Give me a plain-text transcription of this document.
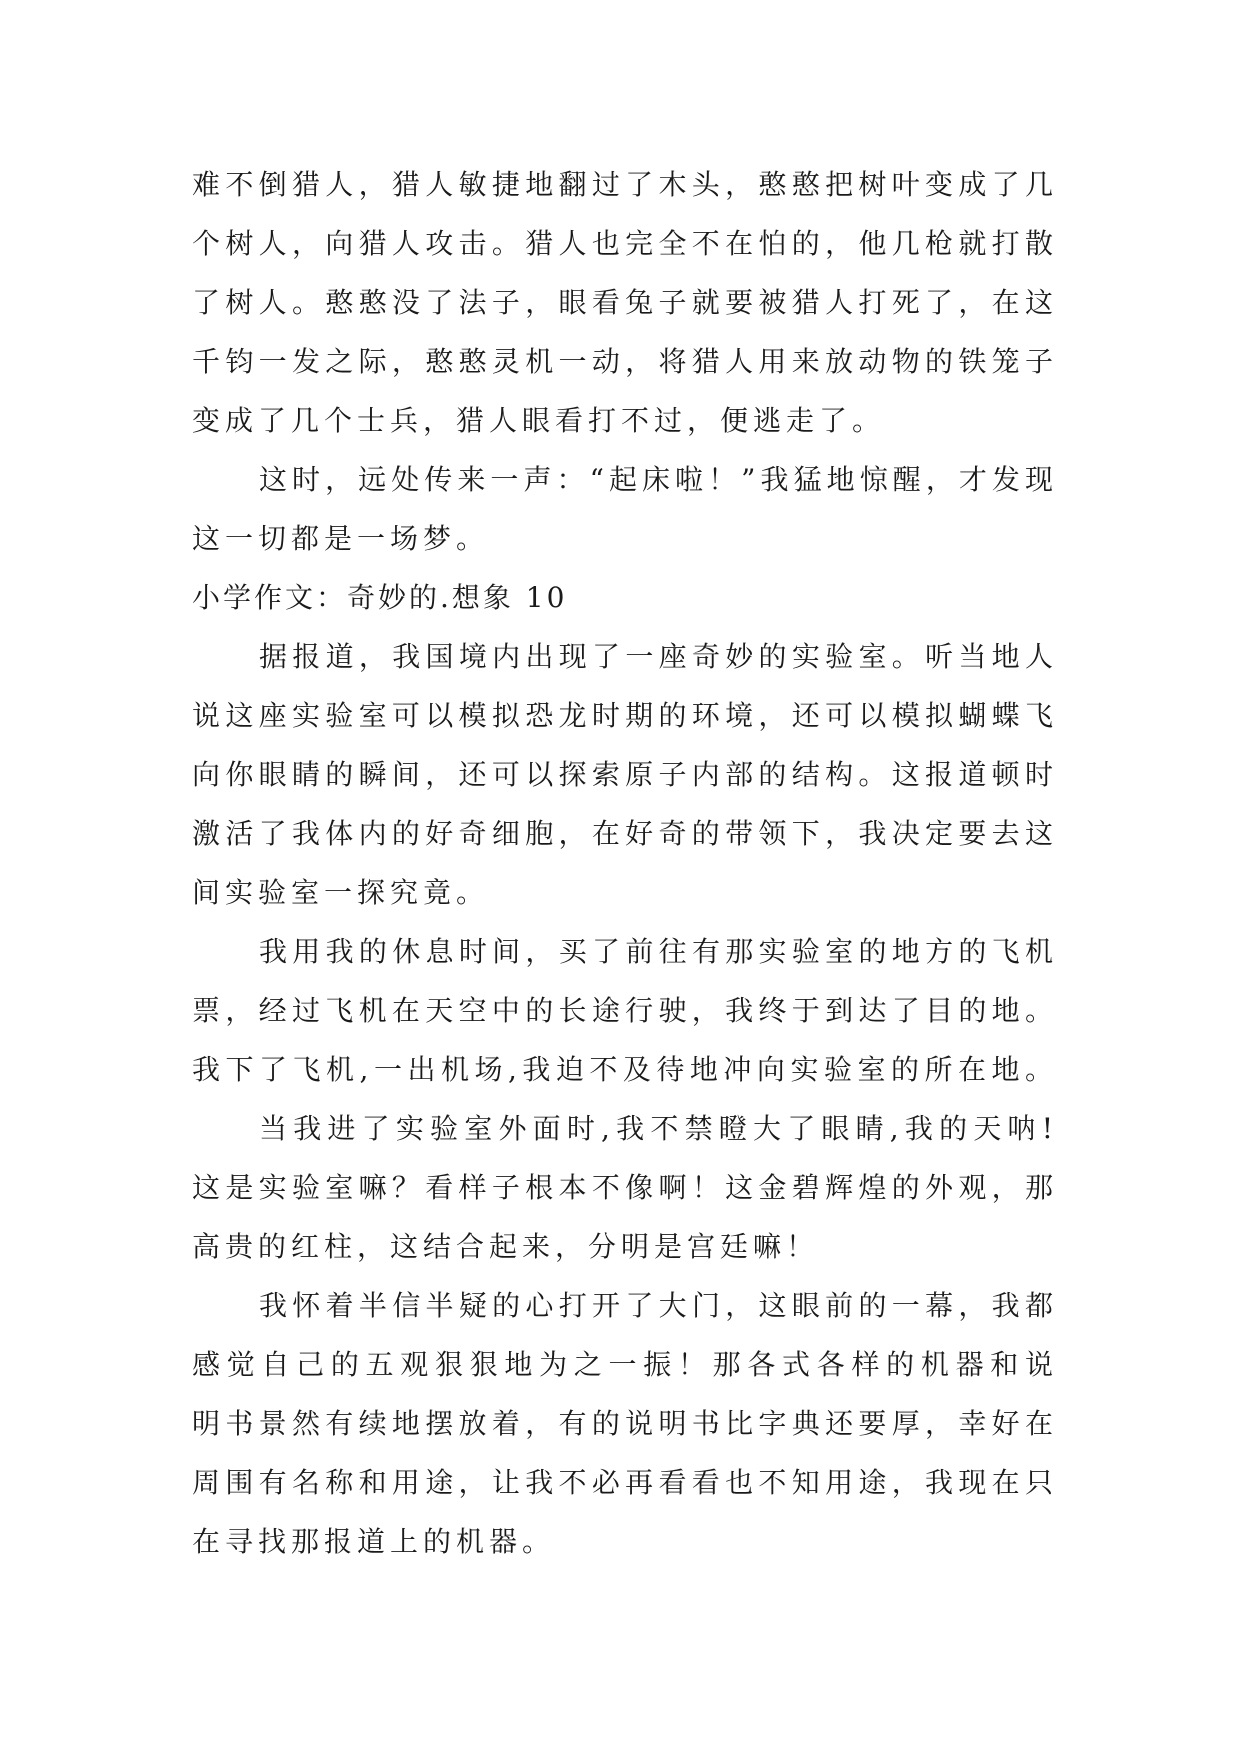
难不倒猎人，猎人敏捷地翻过了木头，憨憨把树叶变成了几
个树人，向猎人攻击。猎人也完全不在怕的，他几枪就打散
了树人。憨憨没了法子，眼看兔子就要被猎人打死了，在这
千钧一发之际，憨憨灵机一动，将猎人用来放动物的铁笼子
变成了几个士兵，猎人眼看打不过，便逃走了。
这时，远处传来一声：“起床啦！”我猛地惊醒，才发现
这一切都是一场梦。
小学作文：奇妙的.想象 10
据报道，我国境内出现了一座奇妙的实验室。听当地人
说这座实验室可以模拟恐龙时期的环境，还可以模拟蝴蝶飞
向你眼睛的瞬间，还可以探索原子内部的结构。这报道顿时
激活了我体内的好奇细胞，在好奇的带领下，我决定要去这
间实验室一探究竟。
我用我的休息时间，买了前往有那实验室的地方的飞机
票，经过飞机在天空中的长途行驶，我终于到达了目的地。
我下了飞机,一出机场,我迫不及待地冲向实验室的所在地。
当我进了实验室外面时,我不禁瞪大了眼睛,我的天呐!
这是实验室嘛？看样子根本不像啊！这金碧辉煌的外观，那
高贵的红柱，这结合起来，分明是宫廷嘛！
我怀着半信半疑的心打开了大门，这眼前的一幕，我都
感觉自己的五观狠狠地为之一振！那各式各样的机器和说
明书景然有续地摆放着，有的说明书比字典还要厚，幸好在
周围有名称和用途，让我不必再看看也不知用途，我现在只
在寻找那报道上的机器。
